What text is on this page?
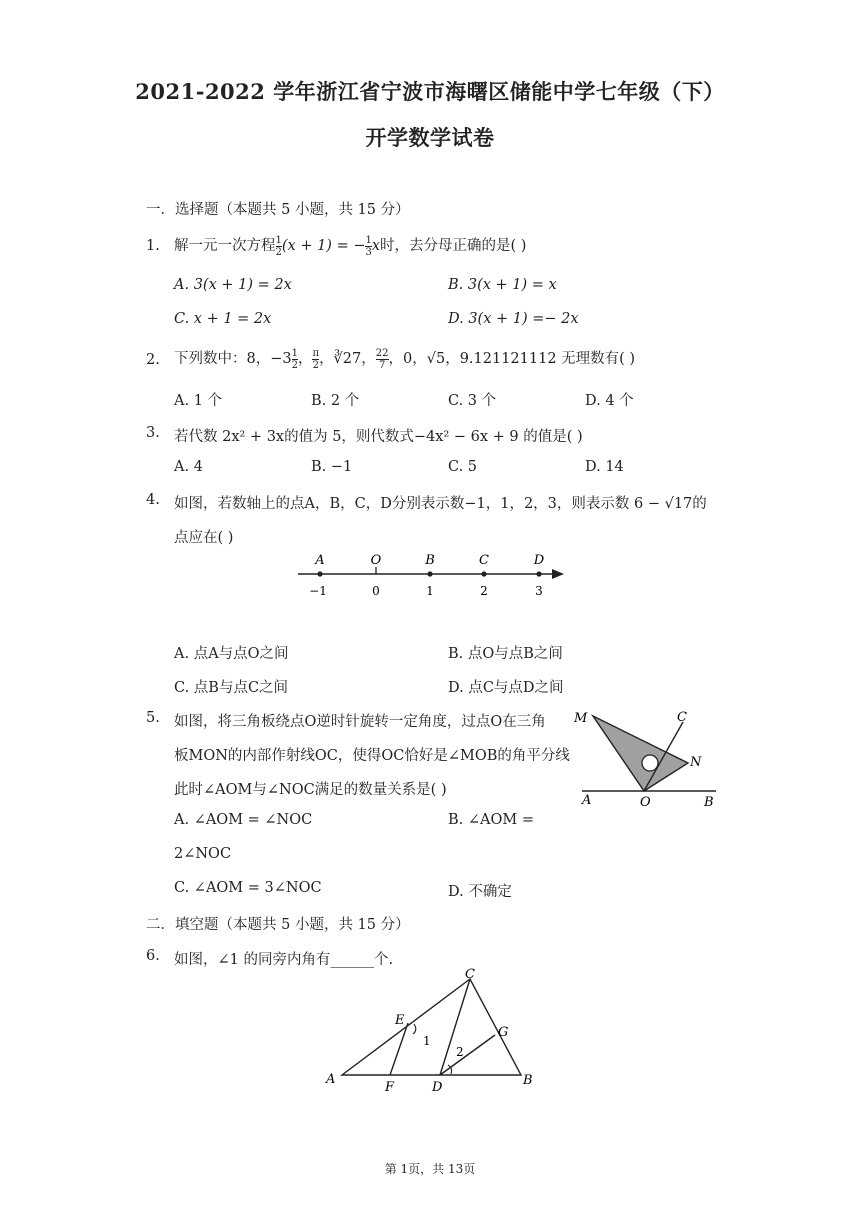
2021-2022 学年浙江省宁波市海曙区储能中学七年级（下）
开学数学试卷
一．选择题（本题共 5 小题，共 15 分）
1. 解一元一次方程 $\frac{1}{2} (x + 1)$ = − $\frac{1}{3}$ x时，去分母正确的是( )
A. 3(x + 1) = 2x	B. 3(x + 1) = x
C. x + 1 = 2x	D. 3(x + 1) =− 2x
2. 下列数中：8，$-3 \frac{1}{2}$ ， $\frac{\pi}{2}$ ，∛27， $\frac{22}{7}$ ，0，√5，9.121121112 无理数有( )
A. 1 个	B. 2 个	C. 3 个	D. 4 个
3. 若代数 2x² + 3x的值为 5，则代数式−4x² − 6x + 9 的值是( )
A. 4	B. −1	C. 5	D. 14
4. 如图，若数轴上的点A，B，C，D分别表示数−1，1，2，3，则表示数 6 − √17的
点应在( )
A	O	B	C	D
−1	0	1	2	3
A. 点A与点O之间	B. 点O与点B之间
C. 点B与点C之间	D. 点C与点D之间
5. 如图，将三角板绕点O逆时针旋转一定角度，过点O在三角
板MON的内部作射线OC，使得OC恰好是∠MOB的角平分线
此时∠AOM与∠NOC满足的数量关系是( )
A. ∠AOM = ∠NOC	B. ∠AOM =
2∠NOC
C. ∠AOM = 3∠NOC	D. 不确定
M	C
N
A	O	B
二．填空题（本题共 5 小题，共 15 分）
6. 如图，∠1 的同旁内角有______个.
C
E
G
1
2
A
F	D	B
第 1页，共 13页
